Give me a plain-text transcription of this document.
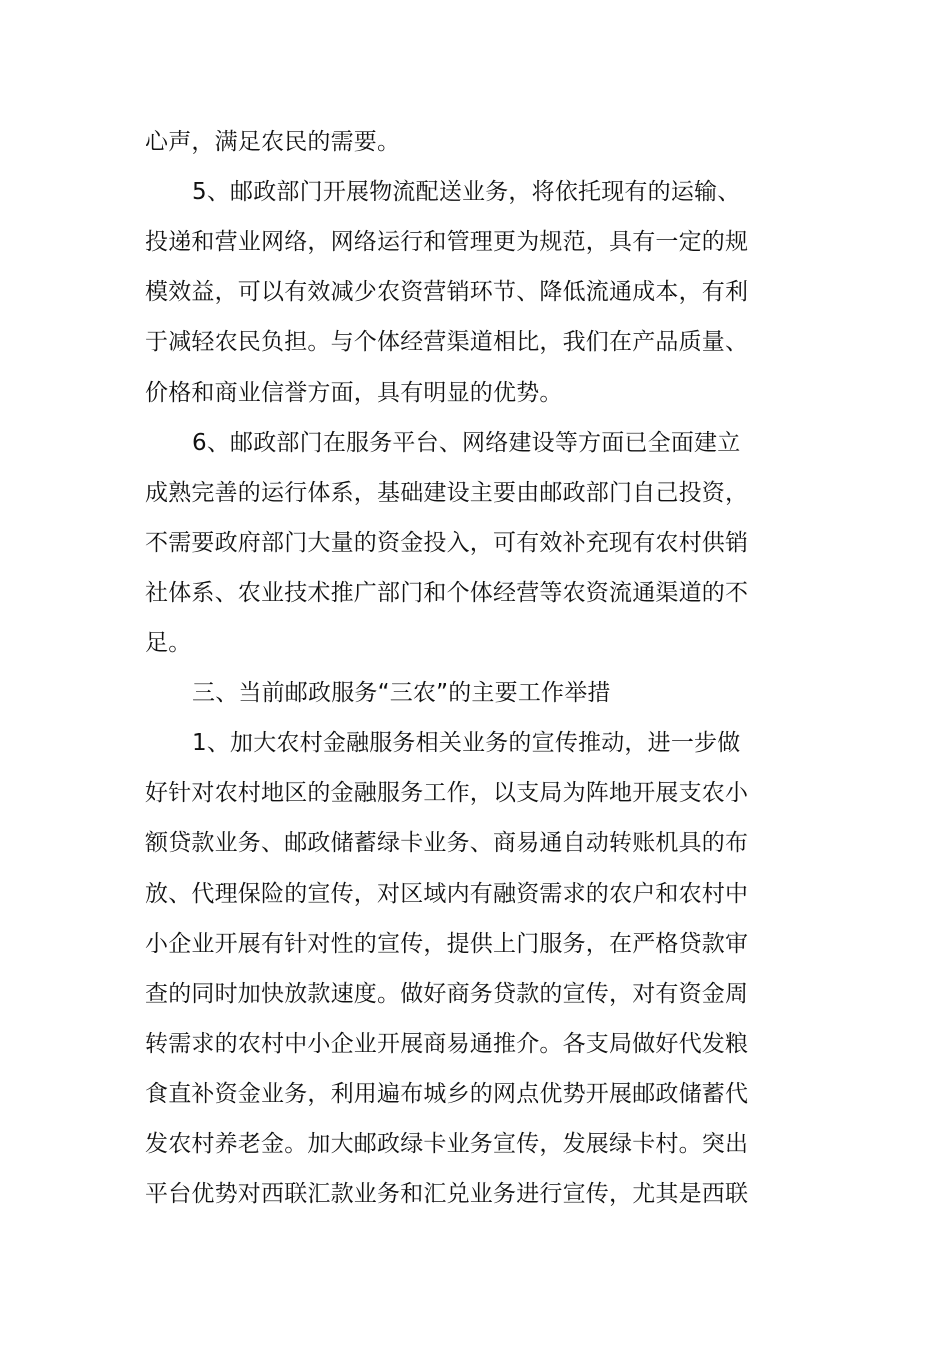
心声，满足农民的需要。
5、邮政部门开展物流配送业务，将依托现有的运输、
投递和营业网络，网络运行和管理更为规范，具有一定的规
模效益，可以有效减少农资营销环节、降低流通成本，有利
于减轻农民负担。与个体经营渠道相比，我们在产品质量、
价格和商业信誉方面，具有明显的优势。
6、邮政部门在服务平台、网络建设等方面已全面建立
成熟完善的运行体系，基础建设主要由邮政部门自己投资，
不需要政府部门大量的资金投入，可有效补充现有农村供销
社体系、农业技术推广部门和个体经营等农资流通渠道的不
足。
三、当前邮政服务“三农”的主要工作举措
1、加大农村金融服务相关业务的宣传推动，进一步做
好针对农村地区的金融服务工作，以支局为阵地开展支农小
额贷款业务、邮政储蓄绿卡业务、商易通自动转账机具的布
放、代理保险的宣传，对区域内有融资需求的农户和农村中
小企业开展有针对性的宣传，提供上门服务，在严格贷款审
查的同时加快放款速度。做好商务贷款的宣传，对有资金周
转需求的农村中小企业开展商易通推介。各支局做好代发粮
食直补资金业务，利用遍布城乡的网点优势开展邮政储蓄代
发农村养老金。加大邮政绿卡业务宣传，发展绿卡村。突出
平台优势对西联汇款业务和汇兑业务进行宣传，尤其是西联
